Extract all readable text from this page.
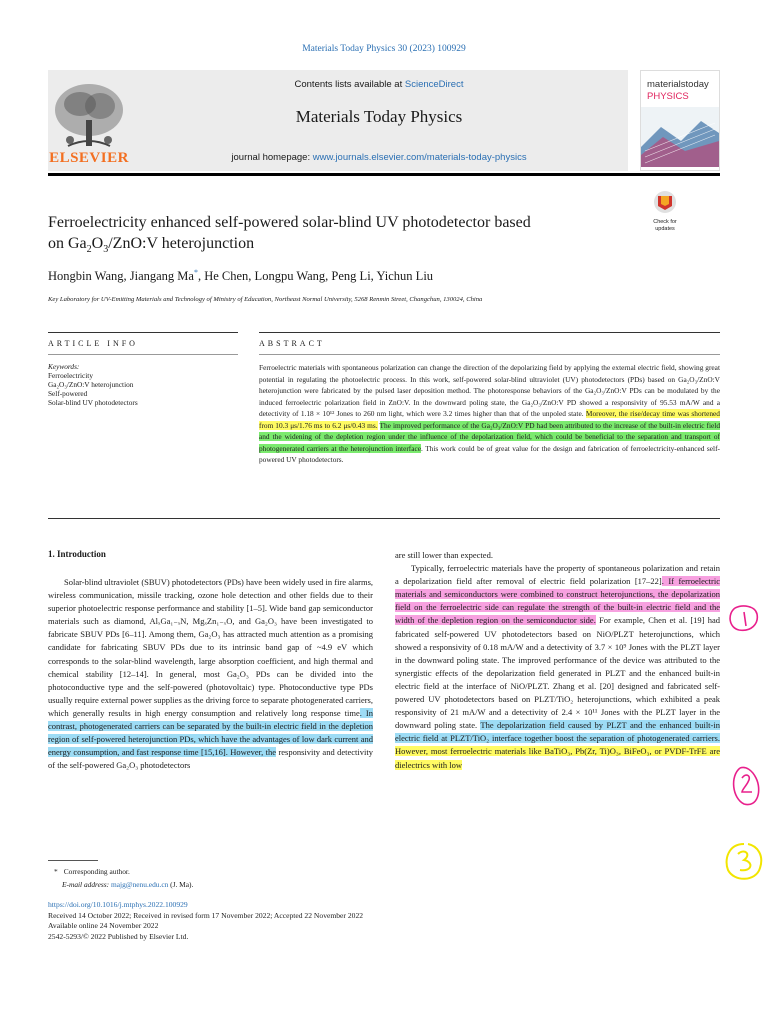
Materials Today Physics 30 (2023) 100929
ELSEVIER
Contents lists available at ScienceDirect
Materials Today Physics
journal homepage: www.journals.elsevier.com/materials-today-physics
materialstoday
PHYSICS
Ferroelectricity enhanced self-powered solar-blind UV photodetector based
on $Ga_2O_3/ZnO:V$ heterojunction
Check for updates
Hongbin Wang, Jiangang Ma*, He Chen, Longpu Wang, Peng Li, Yichun Liu
Key Laboratory for UV-Emitting Materials and Technology of Ministry of Education, Northeast Normal University, 5268 Renmin Street, Changchun, 130024, China
ARTICLE INFO	ABSTRACT
Keywords:
Ferroelectricity
Ga₂O₃/ZnO:V heterojunction
Self-powered
Solar-blind UV photodetectors
Ferroelectric materials with spontaneous polarization can change the direction of the depolarizing field by applying the external electric field, showing great potential in regulating the photoelectric process. In this work, self-powered solar-blind ultraviolet (UV) photodetectors (PDs) based on Ga₂O₃/ZnO:V heterojunction were fabricated by the pulsed laser deposition method. The photoresponse behaviors of the Ga₂O₃/ZnO:V PDs can be modulated by the induced ferroelectric polarization field in ZnO:V. In the downward poling state, the Ga₂O₃/ZnO:V PD showed a responsivity of 95.53 mA/W and a detectivity of 1.18 × 10¹² Jones to 260 nm light, which were 3.2 times higher than that of the unpoled state. Moreover, the rise/decay time was shortened from 10.3 μs/1.76 ms to 6.2 μs/0.43 ms. The improved performance of the Ga₂O₃/ZnO:V PD had been attributed to the increase of the built-in electric field and the widening of the depletion region under the influence of the depolarization field, which could be beneficial to the separation and transport of photogenerated carriers at the heterojunction interface. This work could be of great value for the design and fabrication of ferroelectricity-enhanced self-powered UV photodetectors.
1. Introduction

Solar-blind ultraviolet (SBUV) photodetectors (PDs) have been widely used in fire alarms, wireless communication, missile tracking, ozone hole detection and other fields due to their superior photoelectric response performance and stability [1–5]. Wide band gap semiconductor materials such as diamond, AlₓGa₁₋ₓN, MgₓZn₁₋ₓO, and Ga₂O₃ have been investigated to fabricate SBUV PDs [6–11]. Among them, Ga₂O₃ has attracted much attention as a promising candidate for fabricating SBUV PDs due to its intrinsic band gap of ~4.9 eV which corresponds to the solar-blind wavelength, large absorption coefficient, and high thermal and chemical stability [12–14]. In general, most Ga₂O₃ PDs can be divided into the photoconductive type and the self-powered (photovoltaic) type. Photoconductive type PDs usually require external power supplies as the driving force to separate photogenerated carriers, which generally results in high energy consumption and relatively long response time. In contrast, photogenerated carriers can be separated by the built-in electric field in the depletion region of self-powered heterojunction PDs, which have the advantages of low dark current and energy consumption, and fast response time [15,16]. However, the responsivity and detectivity of the self-powered Ga₂O₃ photodetectors

are still lower than expected.

Typically, ferroelectric materials have the property of spontaneous polarization and retain a depolarization field after removal of electric field polarization [17–22]. If ferroelectric materials and semiconductors were combined to construct heterojunctions, the depolarization field on the ferroelectric side can regulate the strength of the built-in electric field and the width of the depletion region on the semiconductor side. For example, Chen et al. [19] had fabricated self-powered UV photodetectors based on NiO/PLZT heterojunctions, which showed a responsivity of 0.18 mA/W and a detectivity of 3.7 × 10⁹ Jones with the PLZT layer in the downward poling state. The improved performance of the device was attributed to the synergistic effects of the depolarization field generated in PLZT and the enhanced built-in electric field at the interface of NiO/PLZT. Zhang et al. [20] designed and fabricated self-powered UV photodetectors based on PLZT/TiO₂ heterojunctions, which exhibited a peak responsivity of 21 mA/W and a detectivity of 2.4 × 10¹¹ Jones with the PLZT layer in the downward poling state. The depolarization field caused by PLZT and the enhanced built-in electric field at PLZT/TiO₂ interface together boost the separation of photogenerated carriers. However, most ferroelectric materials like BaTiO₃, Pb(Zr, Ti)O₃, BiFeO₃, or PVDF-TrFE are dielectrics with low

* Corresponding author.
E-mail address: majg@nenu.edu.cn (J. Ma).
https://doi.org/10.1016/j.mtphys.2022.100929
Received 14 October 2022; Received in revised form 17 November 2022; Accepted 22 November 2022
Available online 24 November 2022
2542-5293/© 2022 Published by Elsevier Ltd.
